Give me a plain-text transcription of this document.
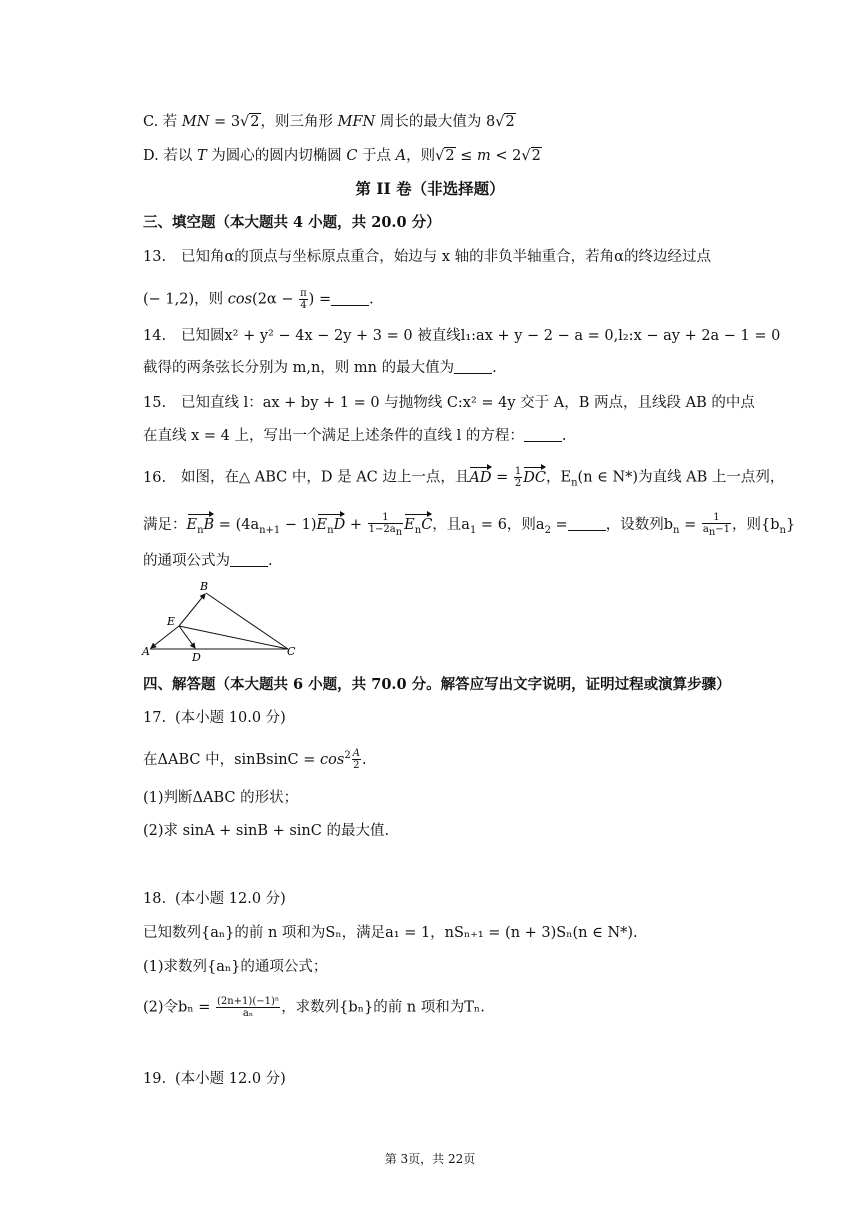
C. 若 MN = 3√2，则三角形 MFN 周长的最大值为 8√2
D. 若以 T 为圆心的圆内切椭圆 C 于点 A，则√2 ≤ m < 2√2
第 II 卷（非选择题）
三、填空题（本大题共 4 小题，共 20.0 分）
13. 已知角α的顶点与坐标原点重合，始边与 x 轴的非负半轴重合，若角α的终边经过点
(− 1,2)，则 $\cos(2\alpha - \frac{\pi}{4}$ ) =	.
14. 已知圆x² + y² − 4x − 2y + 3 = 0 被直线l₁:ax + y − 2 − a = 0,l₂:x − ay + 2a − 1 = 0
截得的两条弦长分别为 m,n，则 mn 的最大值为	.
15. 已知直线 l：ax + by + 1 = 0 与抛物线 C:x² = 4y 交于 A，B 两点，且线段 AB 的中点
在直线 x = 4 上，写出一个满足上述条件的直线 l 的方程：	.
16. 如图，在△ ABC 中，D 是 AC 边上一点，且AD = $\frac{1}{2}$ DC，$E_n(n$ ∈ N*)为直线 AB 上一点列，
满足：$E_nB = (4a_{n+1} - 1)E_nD + \frac{1}{1-2a_n} E_nC$，且$a_1 = 6$，则$a_2$ =	，设数列$b_n = \frac{1}{a_n-1}$ ，则$\{b_n\}$
的通项公式为	.
B
E
A	D	C
四、解答题（本大题共 6 小题，共 70.0 分。解答应写出文字说明，证明过程或演算步骤）
17. (本小题 10.0 分)
在ΔABC 中，sinBsinC = $\cos^2 \frac{A}{2}$ .
(1)判断ΔABC 的形状；
(2)求 sinA + sinB + sinC 的最大值.
18. (本小题 12.0 分)
已知数列{aₙ}的前 n 项和为Sₙ，满足a₁ = 1，nSₙ₊₁ = (n + 3)Sₙ(n ∈ N*).
(1)求数列{aₙ}的通项公式；
(2)令$b_n = \frac{\text{(2n+1)(−1)ⁿ}}{\text{aₙ}}$ ，求数列{bₙ}的前 n 项和为Tₙ.
19. (本小题 12.0 分)
第 3页，共 22页
